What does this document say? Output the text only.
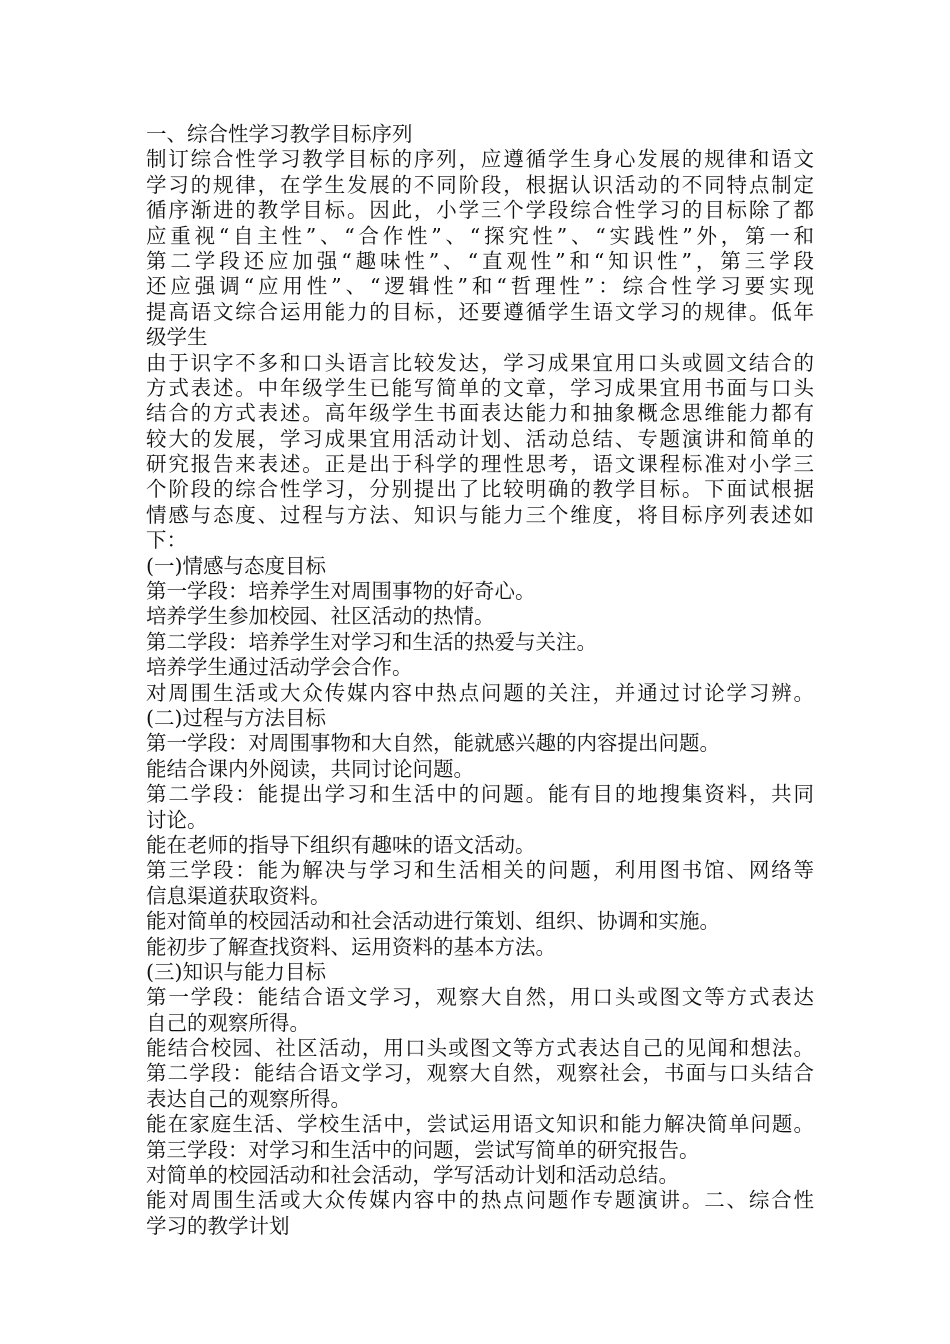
一、综合性学习教学目标序列
制订综合性学习教学目标的序列，应遵循学生身心发展的规律和语文
学习的规律，在学生发展的不同阶段，根据认识活动的不同特点制定
循序渐进的教学目标。因此，小学三个学段综合性学习的目标除了都
应重视“自主性”、“合作性”、“探究性”、“实践性”外，第一和
第二学段还应加强“趣味性”、“直观性”和“知识性”，第三学段
还应强调“应用性”、“逻辑性”和“哲理性”：综合性学习要实现
提高语文综合运用能力的目标，还要遵循学生语文学习的规律。低年
级学生
由于识字不多和口头语言比较发达，学习成果宜用口头或圆文结合的
方式表述。中年级学生已能写简单的文章，学习成果宜用书面与口头
结合的方式表述。高年级学生书面表达能力和抽象概念思维能力都有
较大的发展，学习成果宜用活动计划、活动总结、专题演讲和简单的
研究报告来表述。正是出于科学的理性思考，语文课程标准对小学三
个阶段的综合性学习，分别提出了比较明确的教学目标。下面试根据
情感与态度、过程与方法、知识与能力三个维度，将目标序列表述如
下：
(一)情感与态度目标
第一学段：培养学生对周围事物的好奇心。
培养学生参加校园、社区活动的热情。
第二学段：培养学生对学习和生活的热爱与关注。
培养学生通过活动学会合作。
对周围生活或大众传媒内容中热点问题的关注，并通过讨论学习辨。
(二)过程与方法目标
第一学段：对周围事物和大自然，能就感兴趣的内容提出问题。
能结合课内外阅读，共同讨论问题。
第二学段：能提出学习和生活中的问题。能有目的地搜集资料，共同
讨论。
能在老师的指导下组织有趣味的语文活动。
第三学段：能为解决与学习和生活相关的问题，利用图书馆、网络等
信息渠道获取资料。
能对简单的校园活动和社会活动进行策划、组织、协调和实施。
能初步了解查找资料、运用资料的基本方法。
(三)知识与能力目标
第一学段：能结合语文学习，观察大自然，用口头或图文等方式表达
自己的观察所得。
能结合校园、社区活动，用口头或图文等方式表达自己的见闻和想法。
第二学段：能结合语文学习，观察大自然，观察社会，书面与口头结合
表达自己的观察所得。
能在家庭生活、学校生活中，尝试运用语文知识和能力解决简单问题。
第三学段：对学习和生活中的问题，尝试写简单的研究报告。
对简单的校园活动和社会活动，学写活动计划和活动总结。
能对周围生活或大众传媒内容中的热点问题作专题演讲。二、综合性
学习的教学计划
